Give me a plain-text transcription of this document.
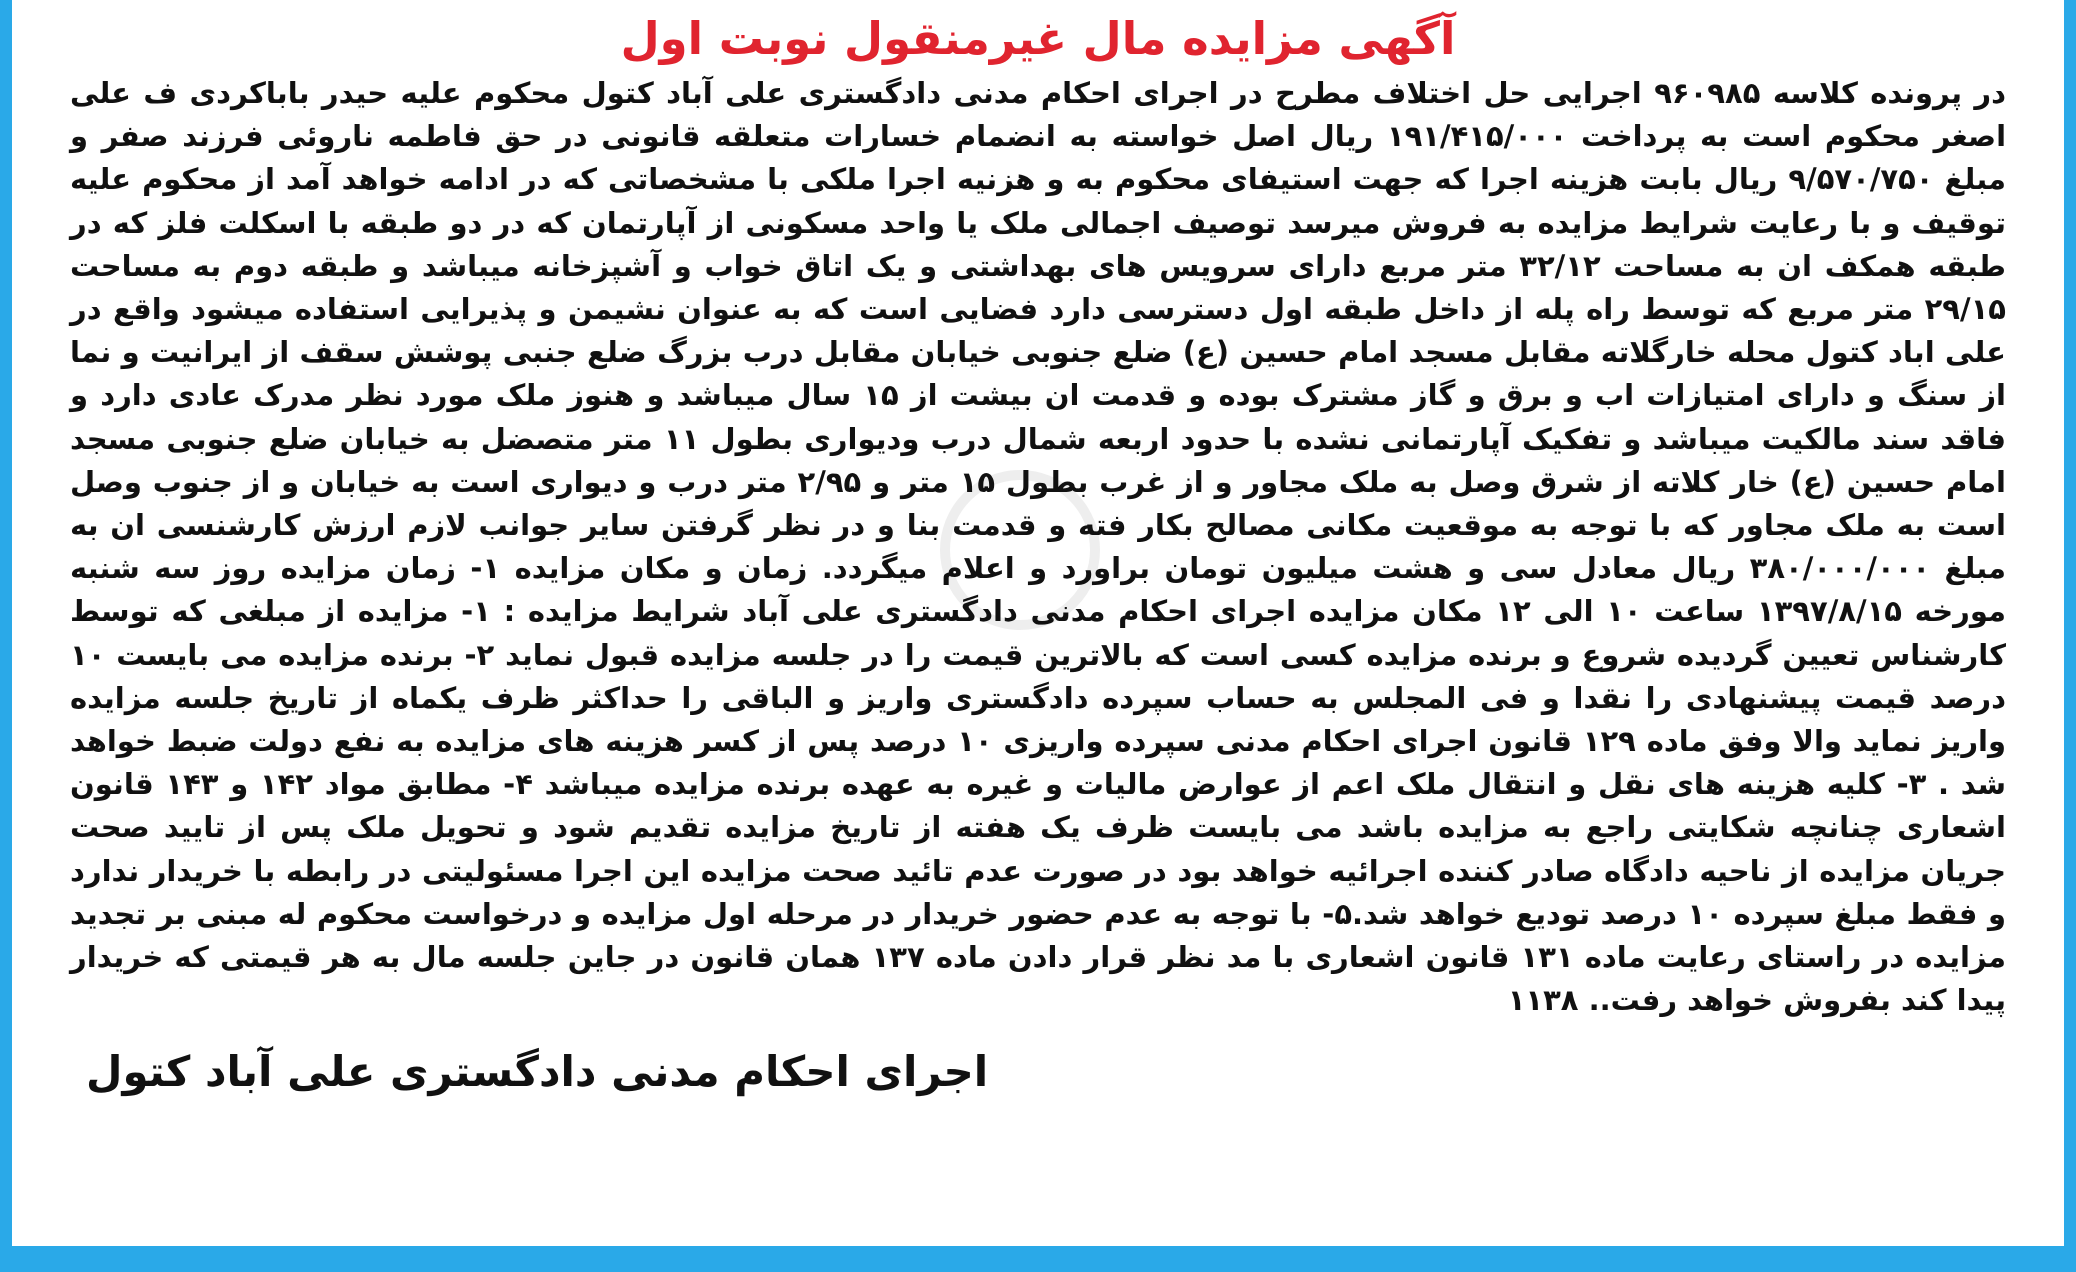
آگهی مزایده مال غیرمنقول نوبت اول

در پرونده کلاسه ۹۶۰۹۸۵ اجرایی حل اختلاف مطرح در اجرای احکام مدنی دادگستری علی آباد کتول محکوم علیه حیدر باباکردی ف علی اصغر محکوم است به پرداخت ۱۹۱/۴۱۵/۰۰۰ ریال اصل خواسته به انضمام خسارات متعلقه قانونی در حق فاطمه ناروئی فرزند صفر و مبلغ ۹/۵۷۰/۷۵۰ ریال بابت هزینه اجرا که جهت استیفای محکوم به و هزنیه اجرا ملکی با مشخصاتی که در ادامه خواهد آمد از محکوم علیه توقیف و با رعایت شرایط مزایده به فروش میرسد توصیف اجمالی ملک یا واحد مسکونی از آپارتمان که در دو طبقه با اسکلت فلز که در طبقه همکف ان به مساحت ۳۲/۱۲ متر مربع دارای سرویس های بهداشتی و یک اتاق خواب و آشپزخانه میباشد و طبقه دوم به مساحت ۲۹/۱۵ متر مربع که توسط راه پله از داخل طبقه اول دسترسی دارد فضایی است که به عنوان نشیمن و پذیرایی استفاده میشود واقع در علی اباد کتول محله خارگلاته مقابل مسجد امام حسین (ع) ضلع جنوبی خیابان مقابل درب بزرگ ضلع جنبی پوشش سقف از ایرانیت و نما از سنگ و دارای امتیازات اب و برق و گاز مشترک بوده و قدمت ان بیشت از ۱۵ سال میباشد و هنوز ملک مورد نظر مدرک عادی دارد و فاقد سند مالکیت میباشد و تفکیک آپارتمانی نشده با حدود اربعه شمال درب ودیواری بطول ۱۱ متر متصضل به خیابان ضلع جنوبی مسجد امام حسین (ع) خار کلاته از شرق وصل به ملک مجاور و از غرب بطول ۱۵ متر و ۲/۹۵ متر درب و دیواری است به خیابان و از جنوب وصل است به ملک مجاور که با توجه به موقعیت مکانی مصالح بکار فته و قدمت بنا و در نظر گرفتن سایر جوانب لازم ارزش کارشنسی ان به مبلغ ۳۸۰/۰۰۰/۰۰۰ ریال معادل سی و هشت میلیون تومان براورد و اعلام میگردد. زمان و مکان مزایده ۱- زمان مزایده روز سه شنبه مورخه ۱۳۹۷/۸/۱۵ ساعت ۱۰ الی ۱۲ مکان مزایده اجرای احکام مدنی دادگستری علی آباد شرایط مزایده : ۱- مزایده از مبلغی که توسط کارشناس تعیین گردیده شروع و برنده مزایده کسی است که بالاترین قیمت را در جلسه مزایده قبول نماید ۲- برنده مزایده می بایست ۱۰ درصد قیمت پیشنهادی را نقدا و فی المجلس به حساب سپرده دادگستری واریز و الباقی را حداکثر ظرف یکماه از تاریخ جلسه مزایده واریز نماید والا وفق ماده ۱۲۹ قانون اجرای احکام مدنی سپرده واریزی ۱۰ درصد پس از کسر هزینه های مزایده به نفع دولت ضبط خواهد شد . ۳- کلیه هزینه های نقل و انتقال ملک اعم از عوارض مالیات و غیره به عهده برنده مزایده میباشد ۴- مطابق مواد ۱۴۲ و ۱۴۳ قانون اشعاری چنانچه شکایتی راجع به مزایده باشد می بایست ظرف یک هفته از تاریخ مزایده تقدیم شود و تحویل ملک پس از تایید صحت جریان مزایده از ناحیه دادگاه صادر کننده اجرائیه خواهد بود در صورت عدم تائید صحت مزایده این اجرا مسئولیتی در رابطه با خریدار ندارد و فقط مبلغ سپرده ۱۰ درصد تودیع خواهد شد.۵- با توجه به عدم حضور خریدار در مرحله اول مزایده و درخواست محکوم له مبنی بر تجدید مزایده در راستای رعایت ماده ۱۳۱ قانون اشعاری با مد نظر قرار دادن ماده ۱۳۷ همان قانون در جاین جلسه مال به هر قیمتی که خریدار پیدا کند بفروش خواهد رفت.. ۱۱۳۸

اجرای احکام مدنی دادگستری علی آباد کتول
